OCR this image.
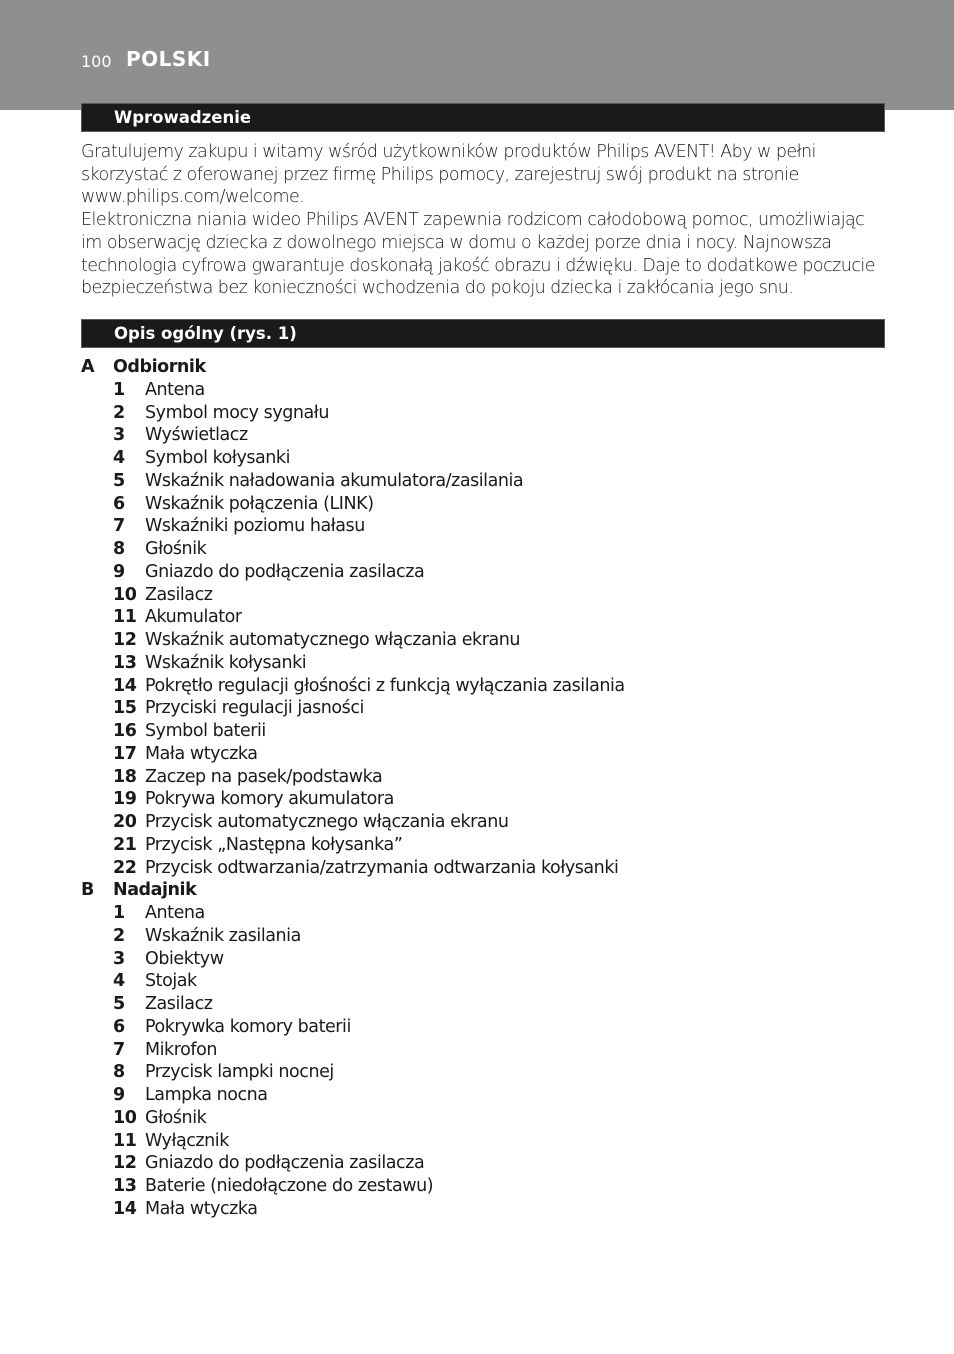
100 POLSKI
Wprowadzenie

Gratulujemy zakupu i witamy wśród użytkowników produktów Philips AVENT! Aby w pełni skorzystać z oferowanej przez firmę Philips pomocy, zarejestruj swój produkt na stronie www.philips.com/welcome.

Elektroniczna niania wideo Philips AVENT zapewnia rodzicom całodobową pomoc, umożliwiając im obserwację dziecka z dowolnego miejsca w domu o każdej porze dnia i nocy. Najnowsza technologia cyfrowa gwarantuje doskonałą jakość obrazu i dźwięku. Daje to dodatkowe poczucie bezpieczeństwa bez konieczności wchodzenia do pokoju dziecka i zakłócania jego snu.

Opis ogólny (rys. 1)
A Odbiornik
1 Antena
2 Symbol mocy sygnału
3 Wyświetlacz
4 Symbol kołysanki
5 Wskaźnik naładowania akumulatora/zasilania
6 Wskaźnik połączenia (LINK)
7 Wskaźniki poziomu hałasu
8 Głośnik
9 Gniazdo do podłączenia zasilacza
10 Zasilacz
11 Akumulator
12 Wskaźnik automatycznego włączania ekranu
13 Wskaźnik kołysanki
14 Pokrętło regulacji głośności z funkcją wyłączania zasilania
15 Przyciski regulacji jasności
16 Symbol baterii
17 Mała wtyczka
18 Zaczep na pasek/podstawka
19 Pokrywa komory akumulatora
20 Przycisk automatycznego włączania ekranu
21 Przycisk „Następna kołysanka”
22 Przycisk odtwarzania/zatrzymania odtwarzania kołysanki
B Nadajnik
1 Antena
2 Wskaźnik zasilania
3 Obiektyw
4 Stojak
5 Zasilacz
6 Pokrywka komory baterii
7 Mikrofon
8 Przycisk lampki nocnej
9 Lampka nocna
10 Głośnik
11 Wyłącznik
12 Gniazdo do podłączenia zasilacza
13 Baterie (niedołączone do zestawu)
14 Mała wtyczka
